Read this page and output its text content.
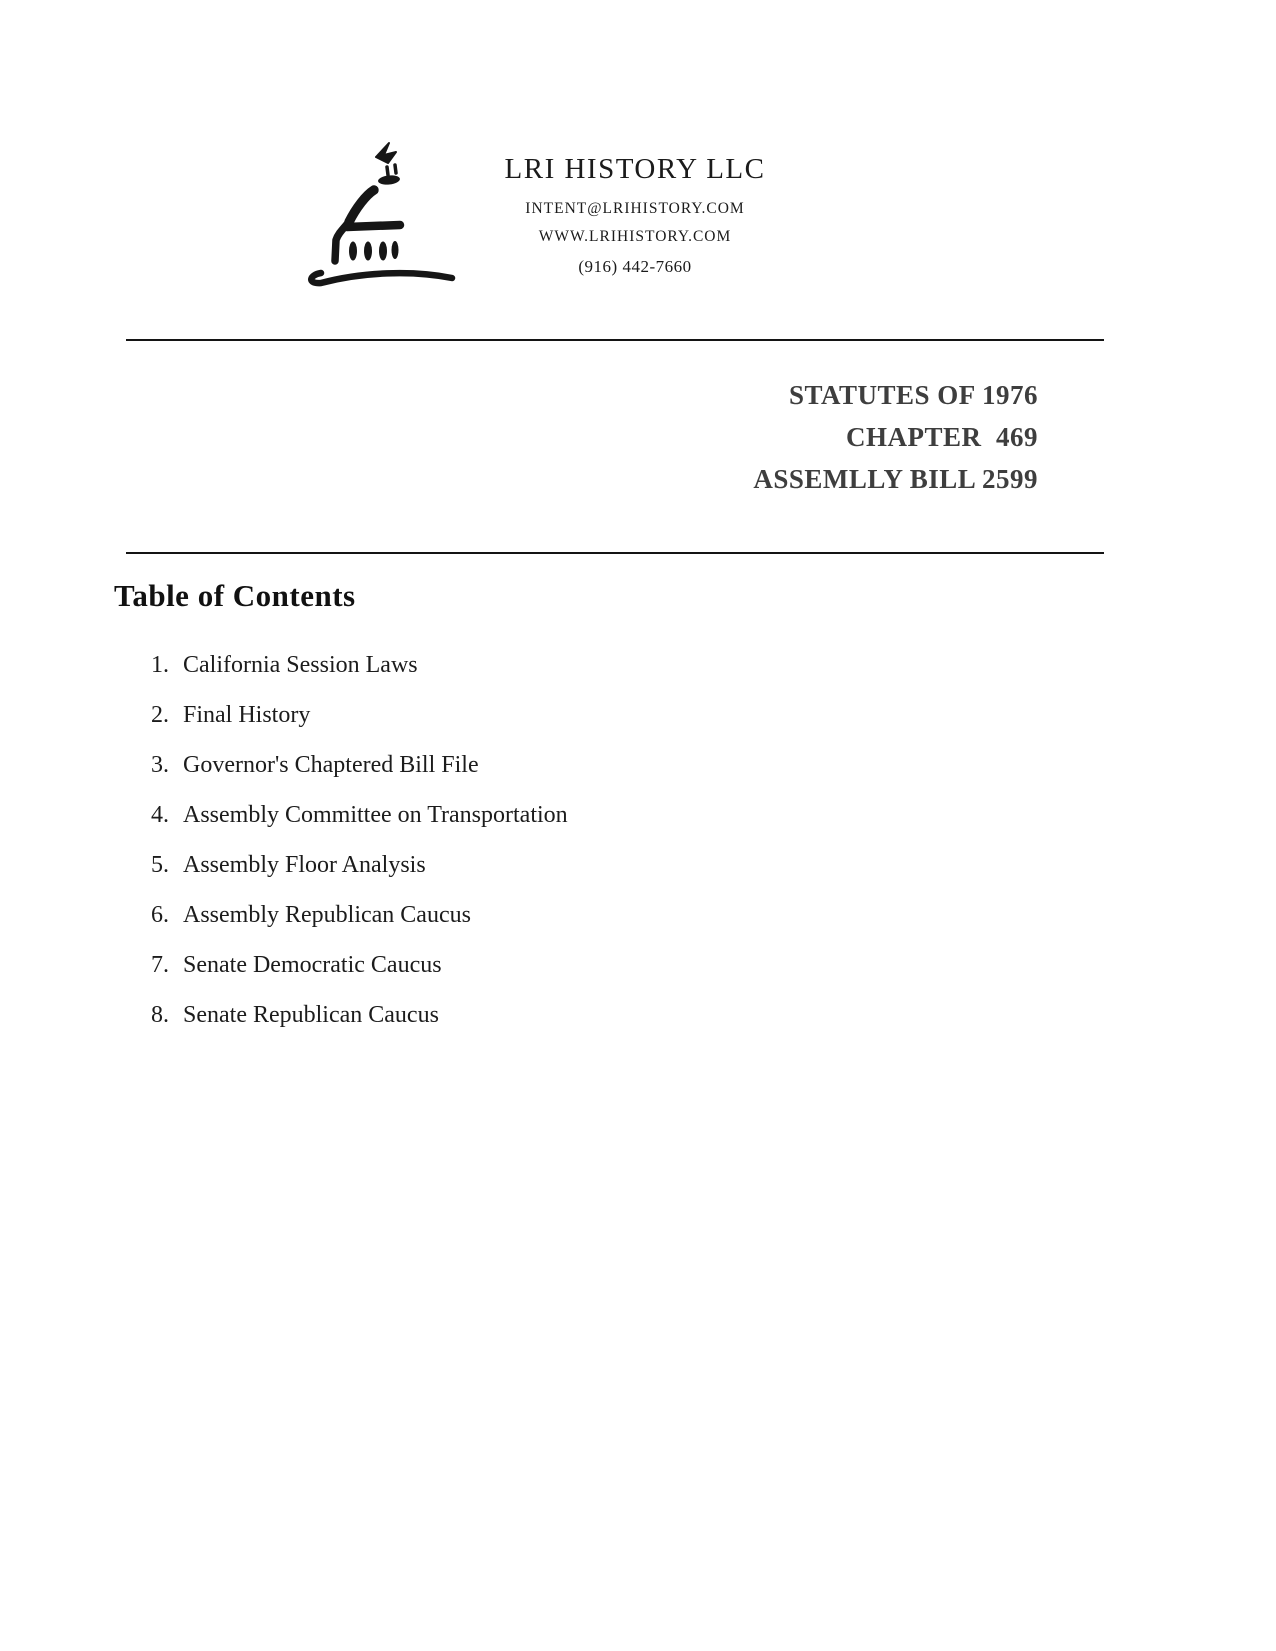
LRI HISTORY LLC
INTENT@LRIHISTORY.COM
WWW.LRIHISTORY.COM
(916) 442-7660
STATUTES OF 1976
CHAPTER  469
ASSEMLLY BILL 2599
Table of Contents
1. California Session Laws
2. Final History
3. Governor's Chaptered Bill File
4. Assembly Committee on Transportation
5. Assembly Floor Analysis
6. Assembly Republican Caucus
7. Senate Democratic Caucus
8. Senate Republican Caucus
